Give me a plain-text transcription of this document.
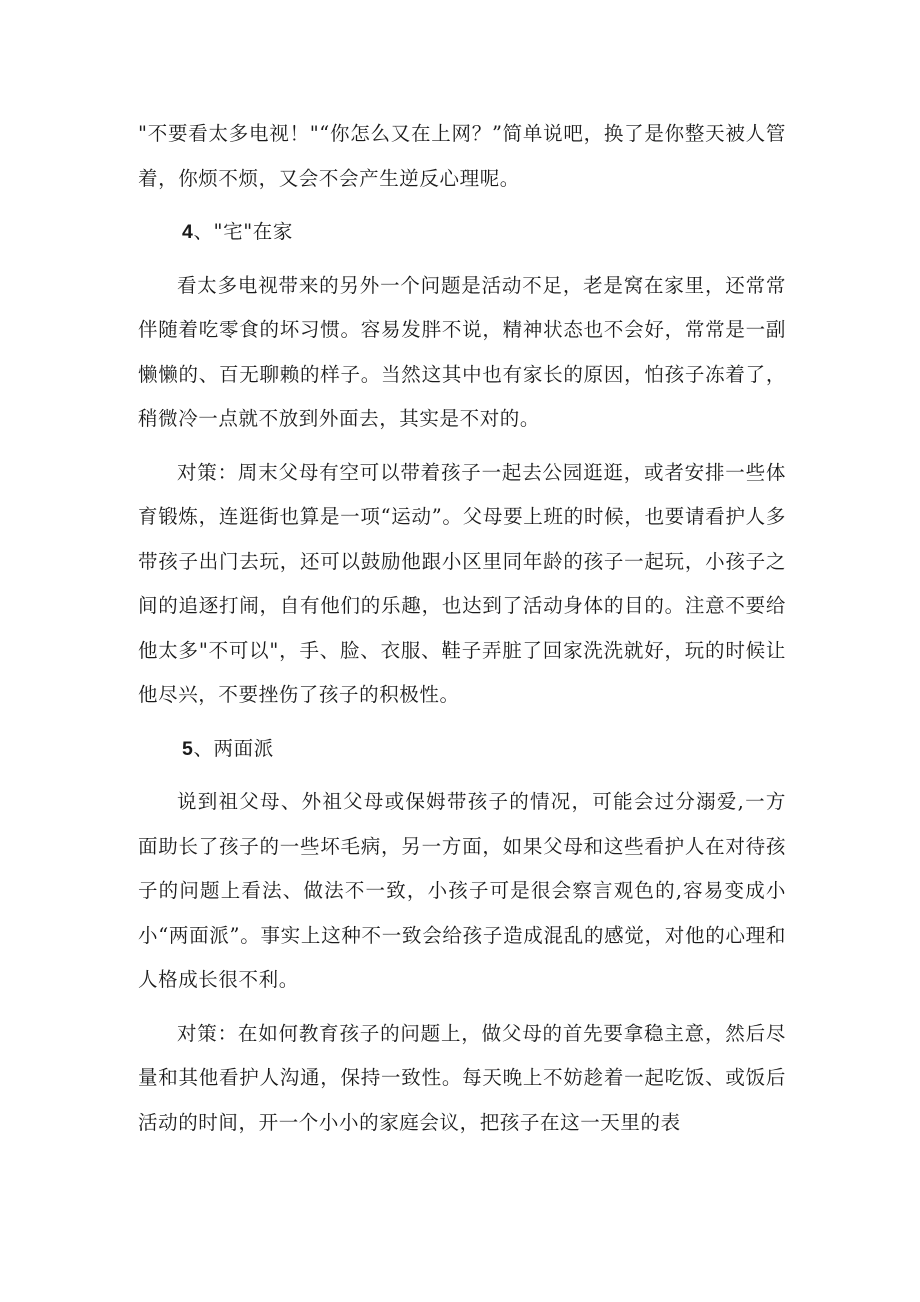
"不要看太多电视！"“你怎么又在上网？”简单说吧，换了是你整天被人管着，你烦不烦，又会不会产生逆反心理呢。

4、"宅"在家

看太多电视带来的另外一个问题是活动不足，老是窝在家里，还常常伴随着吃零食的坏习惯。容易发胖不说，精神状态也不会好，常常是一副懒懒的、百无聊赖的样子。当然这其中也有家长的原因，怕孩子冻着了，稍微冷一点就不放到外面去，其实是不对的。

对策：周末父母有空可以带着孩子一起去公园逛逛，或者安排一些体育锻炼，连逛街也算是一项“运动”。父母要上班的时候，也要请看护人多带孩子出门去玩，还可以鼓励他跟小区里同年龄的孩子一起玩，小孩子之间的追逐打闹，自有他们的乐趣，也达到了活动身体的目的。注意不要给他太多"不可以"，手、脸、衣服、鞋子弄脏了回家洗洗就好，玩的时候让他尽兴，不要挫伤了孩子的积极性。

5、两面派

说到祖父母、外祖父母或保姆带孩子的情况，可能会过分溺爱,一方面助长了孩子的一些坏毛病，另一方面，如果父母和这些看护人在对待孩子的问题上看法、做法不一致，小孩子可是很会察言观色的,容易变成小小“两面派”。事实上这种不一致会给孩子造成混乱的感觉，对他的心理和人格成长很不利。

对策：在如何教育孩子的问题上，做父母的首先要拿稳主意，然后尽量和其他看护人沟通，保持一致性。每天晚上不妨趁着一起吃饭、或饭后活动的时间，开一个小小的家庭会议，把孩子在这一天里的表
